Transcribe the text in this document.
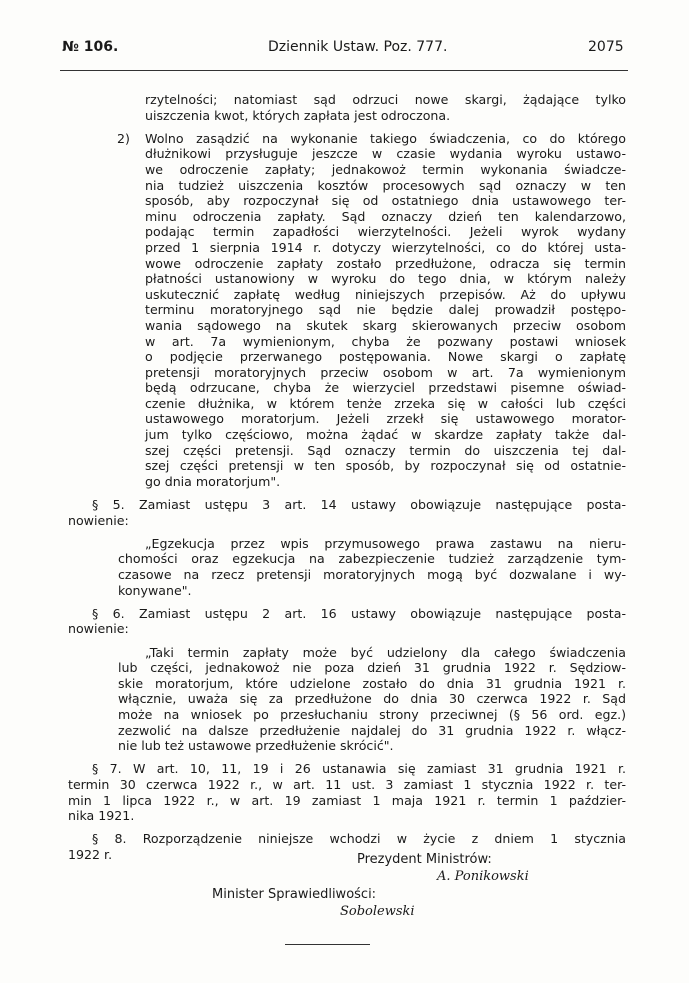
№ 106.	Dziennik Ustaw. Poz. 777.	2075
rzytelności; natomiast sąd odrzuci nowe skargi, żądające tylko
uiszczenia kwot, których zapłata jest odroczona.
2)	Wolno zasądzić na wykonanie takiego świadczenia, co do którego
dłużnikowi przysługuje jeszcze w czasie wydania wyroku ustawo-
we odroczenie zapłaty; jednakowoż termin wykonania świadcze-
nia tudzież uiszczenia kosztów procesowych sąd oznaczy w ten
sposób, aby rozpoczynał się od ostatniego dnia ustawowego ter-
minu odroczenia zapłaty. Sąd oznaczy dzień ten kalendarzowo,
podając termin zapadłości wierzytelności. Jeżeli wyrok wydany
przed 1 sierpnia 1914 r. dotyczy wierzytelności, co do której usta-
wowe odroczenie zapłaty zostało przedłużone, odracza się termin
płatności ustanowiony w wyroku do tego dnia, w którym należy
uskutecznić zapłatę według niniejszych przepisów. Aż do upływu
terminu moratoryjnego sąd nie będzie dalej prowadził postępo-
wania sądowego na skutek skarg skierowanych przeciw osobom
w art. 7a wymienionym, chyba że pozwany postawi wniosek
o podjęcie przerwanego postępowania. Nowe skargi o zapłatę
pretensji moratoryjnych przeciw osobom w art. 7a wymienionym
będą odrzucane, chyba że wierzyciel przedstawi pisemne oświad-
czenie dłużnika, w którem tenże zrzeka się w całości lub części
ustawowego moratorjum. Jeżeli zrzekł się ustawowego morator-
jum tylko częściowo, można żądać w skardze zapłaty także dal-
szej części pretensji. Sąd oznaczy termin do uiszczenia tej dal-
szej części pretensji w ten sposób, by rozpoczynał się od ostatnie-
go dnia moratorjum".
§ 5. Zamiast ustępu 3 art. 14 ustawy obowiązuje następujące posta-
nowienie:
„Egzekucja przez wpis przymusowego prawa zastawu na nieru-
chomości oraz egzekucja na zabezpieczenie tudzież zarządzenie tym-
czasowe na rzecz pretensji moratoryjnych mogą być dozwalane i wy-
konywane".
§ 6. Zamiast ustępu 2 art. 16 ustawy obowiązuje następujące posta-
nowienie:
„Taki termin zapłaty może być udzielony dla całego świadczenia
lub części, jednakowoż nie poza dzień 31 grudnia 1922 r. Sędziow-
skie moratorjum, które udzielone zostało do dnia 31 grudnia 1921 r.
włącznie, uważa się za przedłużone do dnia 30 czerwca 1922 r. Sąd
może na wniosek po przesłuchaniu strony przeciwnej (§ 56 ord. egz.)
zezwolić na dalsze przedłużenie najdalej do 31 grudnia 1922 r. włącz-
nie lub też ustawowe przedłużenie skrócić".
§ 7. W art. 10, 11, 19 i 26 ustanawia się zamiast 31 grudnia 1921 r.
termin 30 czerwca 1922 r., w art. 11 ust. 3 zamiast 1 stycznia 1922 r. ter-
min 1 lipca 1922 r., w art. 19 zamiast 1 maja 1921 r. termin 1 paździer-
nika 1921.
§ 8. Rozporządzenie niniejsze wchodzi w życie z dniem 1 stycznia
1922 r.	Prezydent Ministrów:
A. Ponikowski
Minister Sprawiedliwości:
Sobolewski
